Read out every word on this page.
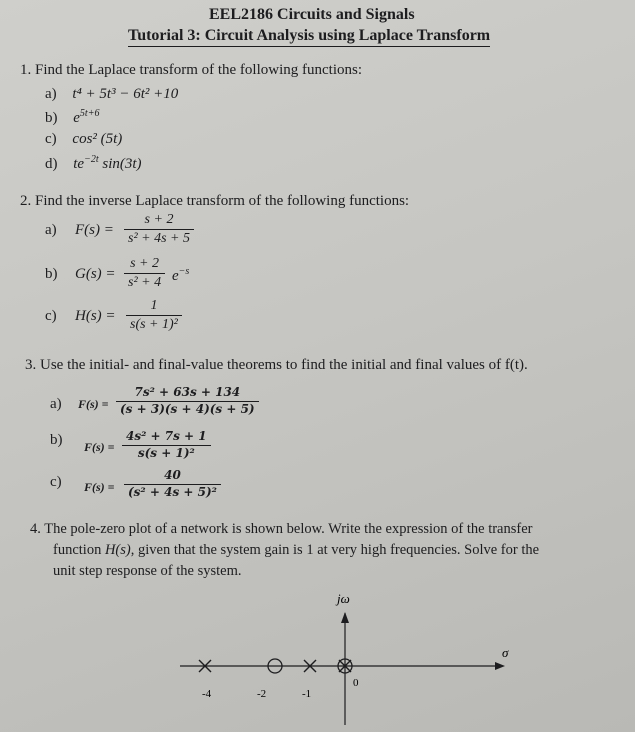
EEL2186 Circuits and Signals
Tutorial 3: Circuit Analysis using Laplace Transform
1. Find the Laplace transform of the following functions:
a) t⁴ + 5t³ − 6t² +10
b) $e^{5t+6}$
c) cos² (5t)
d) $te^{-2t}$ sin(3t)
2. Find the inverse Laplace transform of the following functions:
a) F(s) =
s + 2
s² + 4s + 5
b) G(s) =
s + 2
s² + 4 $e^{-s}$
c) H(s) =
1
s(s + 1)²
3. Use the initial- and final-value theorems to find the initial and final values of f(t).
a) F(s) =
7s² + 63s + 134
(s + 3)(s + 4)(s + 5)
b) F(s) =
4s² + 7s + 1
s(s + 1)²
c) F(s) =
40
(s² + 4s + 5)²
4. The pole-zero plot of a network is shown below. Write the expression of the transfer
function H(s), given that the system gain is 1 at very high frequencies. Solve for the
unit step response of the system.
jω
σ
-4	-2	-1
0
